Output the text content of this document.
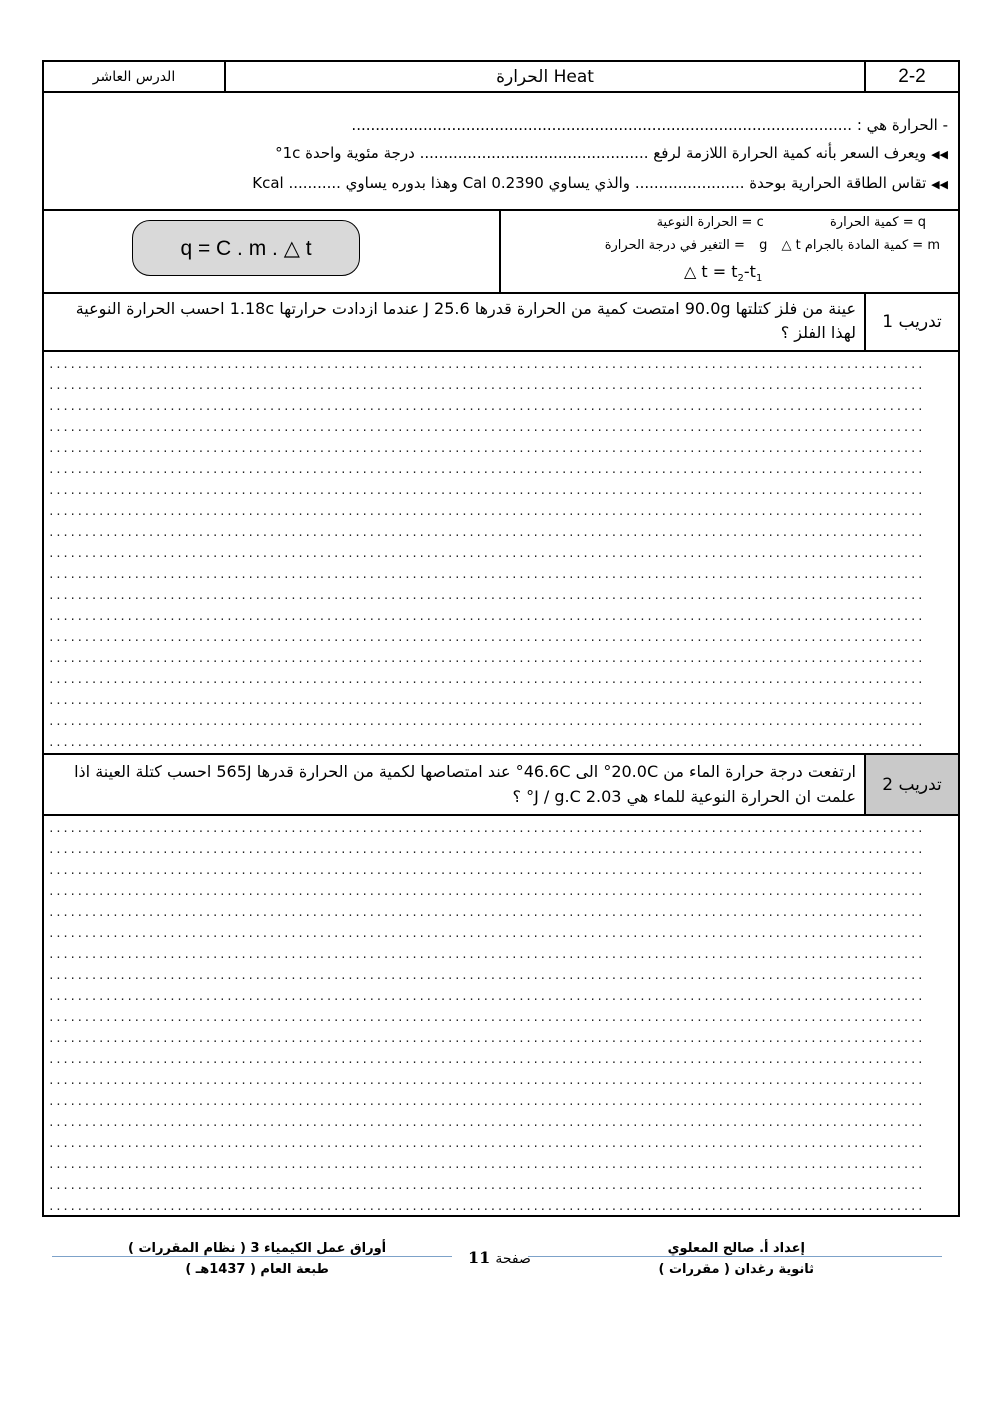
الدرس العاشر	الحرارة Heat	2-2
- الحرارة هي : .........................................................................................................
◀◀ ويعرف السعر بأنه كمية الحرارة اللازمة لرفع ................................................ درجة مئوية واحدة 1c°
◀◀ تقاس الطاقة الحرارية بوحدة ....................... والذي يساوي 0.2390 Cal وهذا بدوره يساوي ........... Kcal
q = C . m . △ t
q = كمية الحرارة  c = الحرارة النوعية
m = كمية المادة بالجرام g △ t = التغير في درجة الحرارة
△ $t = t_2-t_1$
عينة من فلز كتلتها 90.0g امتصت كمية من الحرارة قدرها 25.6 J عندما ازدادت حرارتها 1.18c احسب الحرارة النوعية لهذا الفلز ؟
تدريب 1
...........................................................................................................................
...........................................................................................................................
...........................................................................................................................
...........................................................................................................................
...........................................................................................................................
...........................................................................................................................
...........................................................................................................................
...........................................................................................................................
...........................................................................................................................
...........................................................................................................................
...........................................................................................................................
...........................................................................................................................
...........................................................................................................................
...........................................................................................................................
...........................................................................................................................
...........................................................................................................................
...........................................................................................................................
...........................................................................................................................
...........................................................................................................................
ارتفعت درجة حرارة الماء من 20.0C° الى 46.6C° عند امتصاصها لكمية من الحرارة قدرها 565J احسب كتلة العينة اذا علمت ان الحرارة النوعية للماء هي 2.03 J / g.C° ؟
تدريب 2
...........................................................................................................................
...........................................................................................................................
...........................................................................................................................
...........................................................................................................................
...........................................................................................................................
...........................................................................................................................
...........................................................................................................................
...........................................................................................................................
...........................................................................................................................
...........................................................................................................................
...........................................................................................................................
...........................................................................................................................
...........................................................................................................................
...........................................................................................................................
...........................................................................................................................
...........................................................................................................................
...........................................................................................................................
...........................................................................................................................
...........................................................................................................................
إعداد أ. صالح المعلوي
ثانوية رغدان ( مقررات )
صفحة 11
أوراق عمل الكيمياء 3 ( نظام المقررات )
طبعة العام ( 1437هـ )
